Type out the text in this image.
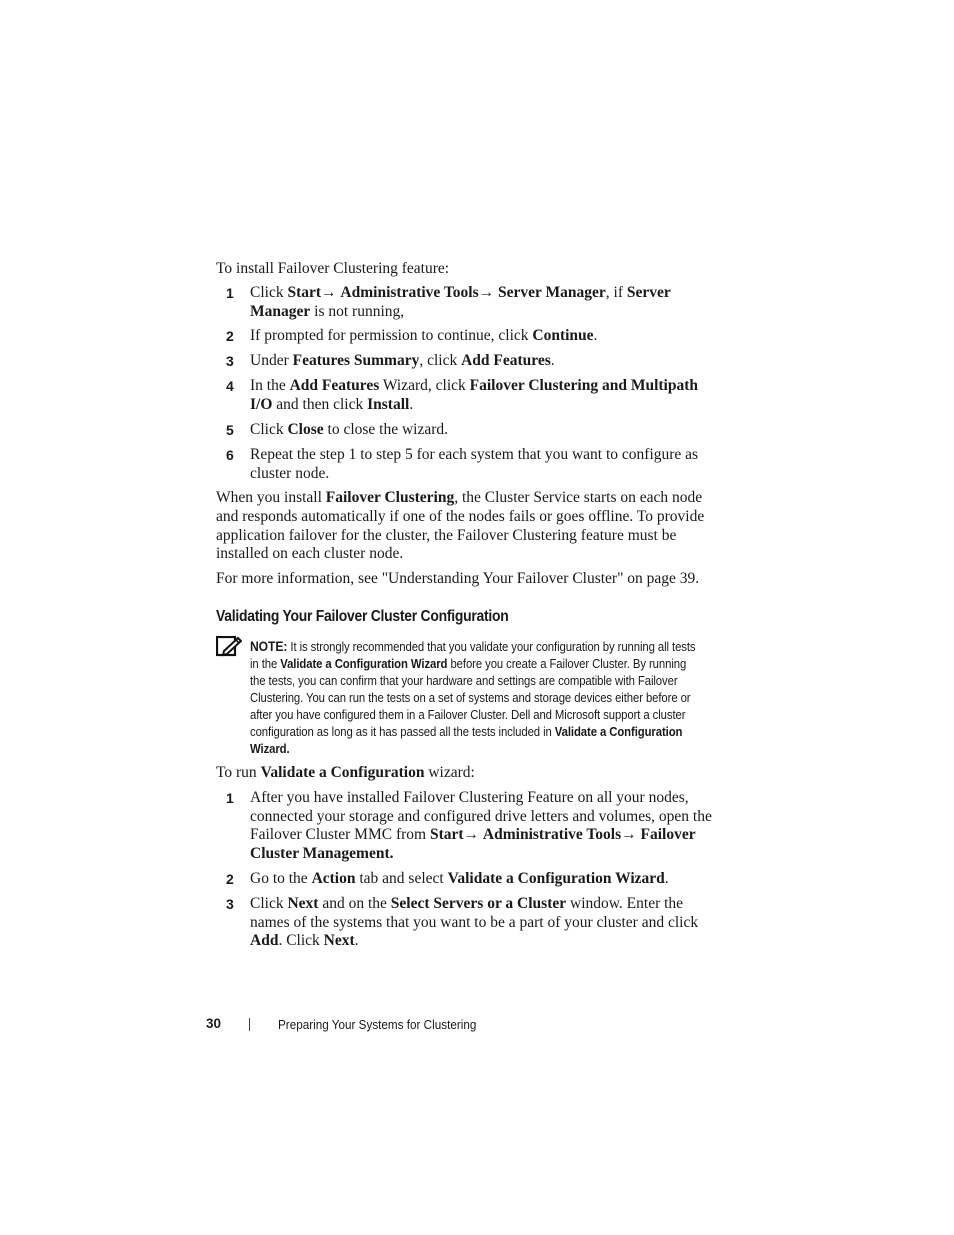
To install Failover Clustering feature:
1 Click Start→ Administrative Tools→ Server Manager, if Server Manager is not running,
2 If prompted for permission to continue, click Continue.
3 Under Features Summary, click Add Features.
4 In the Add Features Wizard, click Failover Clustering and Multipath I/O and then click Install.
5 Click Close to close the wizard.
6 Repeat the step 1 to step 5 for each system that you want to configure as cluster node.
When you install Failover Clustering, the Cluster Service starts on each node and responds automatically if one of the nodes fails or goes offline. To provide application failover for the cluster, the Failover Clustering feature must be installed on each cluster node.
For more information, see "Understanding Your Failover Cluster" on page 39.
Validating Your Failover Cluster Configuration
NOTE: It is strongly recommended that you validate your configuration by running all tests in the Validate a Configuration Wizard before you create a Failover Cluster. By running the tests, you can confirm that your hardware and settings are compatible with Failover Clustering. You can run the tests on a set of systems and storage devices either before or after you have configured them in a Failover Cluster. Dell and Microsoft support a cluster configuration as long as it has passed all the tests included in Validate a Configuration Wizard.
To run Validate a Configuration wizard:
1 After you have installed Failover Clustering Feature on all your nodes, connected your storage and configured drive letters and volumes, open the Failover Cluster MMC from Start→ Administrative Tools→ Failover Cluster Management.
2 Go to the Action tab and select Validate a Configuration Wizard.
3 Click Next and on the Select Servers or a Cluster window. Enter the names of the systems that you want to be a part of your cluster and click Add. Click Next.
30	Preparing Your Systems for Clustering
